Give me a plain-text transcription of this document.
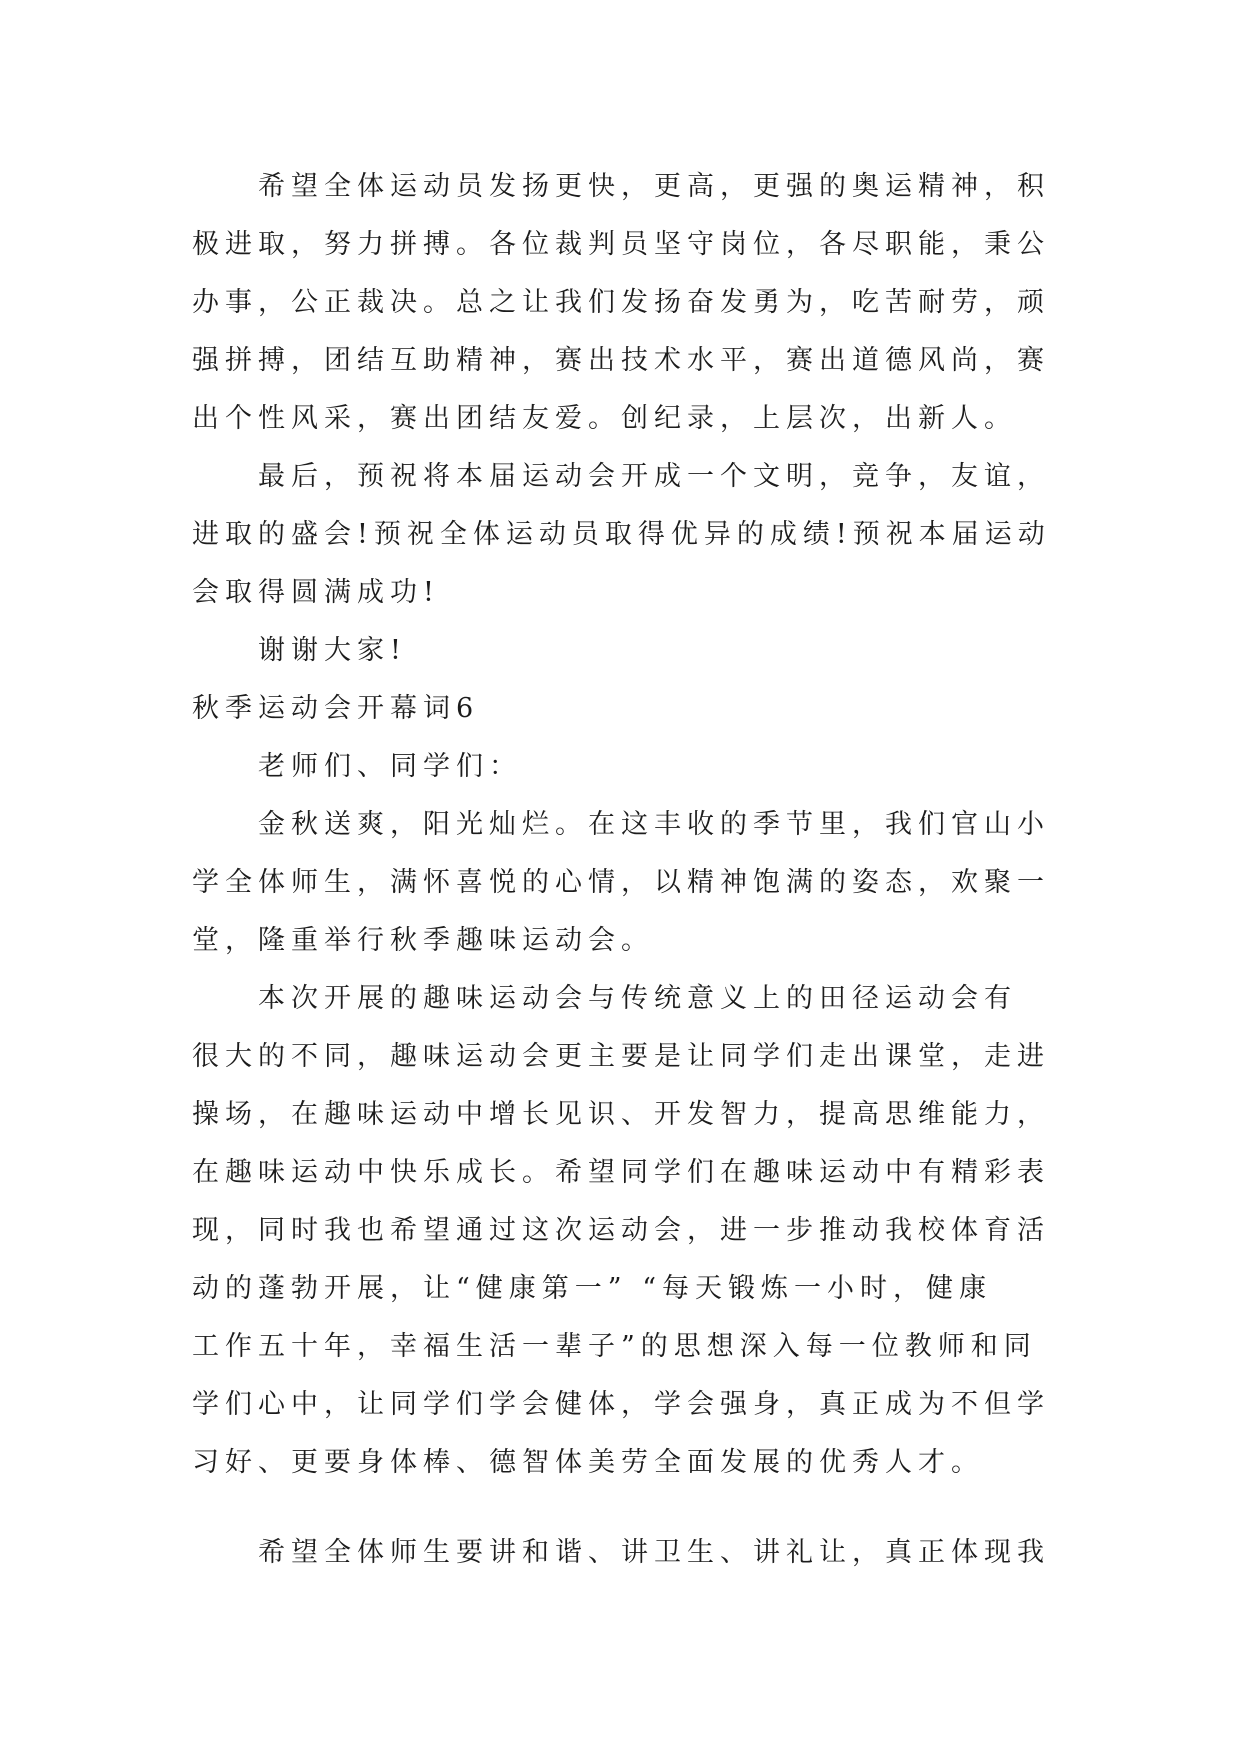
希望全体运动员发扬更快，更高，更强的奥运精神，积
极进取，努力拼搏。各位裁判员坚守岗位，各尽职能，秉公
办事，公正裁决。总之让我们发扬奋发勇为，吃苦耐劳，顽
强拼搏，团结互助精神，赛出技术水平，赛出道德风尚，赛
出个性风采，赛出团结友爱。创纪录，上层次，出新人。
最后，预祝将本届运动会开成一个文明，竞争，友谊，
进取的盛会!预祝全体运动员取得优异的成绩!预祝本届运动
会取得圆满成功!
谢谢大家!
秋季运动会开幕词6
老师们、同学们：
金秋送爽，阳光灿烂。在这丰收的季节里，我们官山小
学全体师生，满怀喜悦的心情，以精神饱满的姿态，欢聚一
堂，隆重举行秋季趣味运动会。
本次开展的趣味运动会与传统意义上的田径运动会有
很大的不同，趣味运动会更主要是让同学们走出课堂，走进
操场，在趣味运动中增长见识、开发智力，提高思维能力，
在趣味运动中快乐成长。希望同学们在趣味运动中有精彩表
现，同时我也希望通过这次运动会，进一步推动我校体育活
动的蓬勃开展，让“健康第一” “每天锻炼一小时，健康
工作五十年，幸福生活一辈子”的思想深入每一位教师和同
学们心中，让同学们学会健体，学会强身，真正成为不但学
习好、更要身体棒、德智体美劳全面发展的优秀人才。
希望全体师生要讲和谐、讲卫生、讲礼让，真正体现我
